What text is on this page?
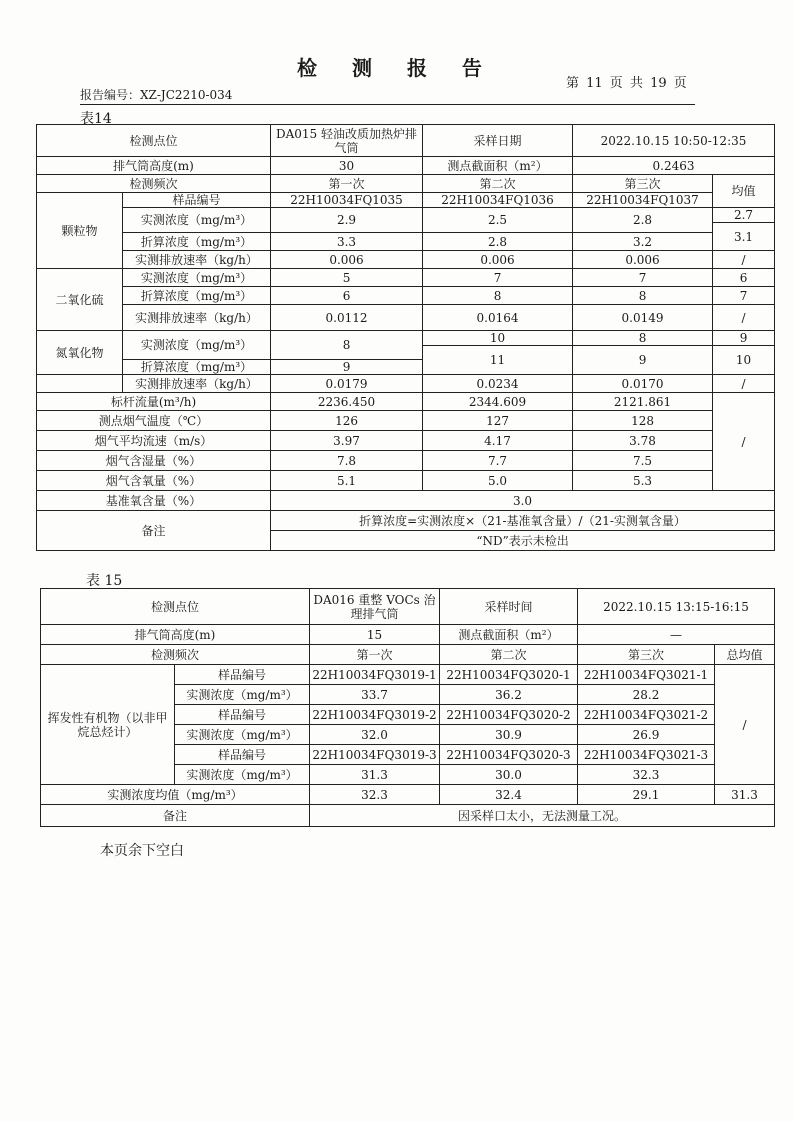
检 测 报 告
第 11 页 共 19 页
报告编号：XZ-JC2210-034
表14
检测点位		DA015 轻油改质加热炉排气筒	采样日期	2022.10.15 10:50-12:35	
排气筒高度(m)		30	测点截面积（m²）	0.2463	
检测频次		第一次	第二次	第三次	均值
颗粒物	样品编号	22H10034FQ1035	22H10034FQ1036	22H10034FQ1037	
	实测浓度（mg/m³）	2.9	2.5	2.8	2.7
					3.1
	折算浓度（mg/m³）	3.3	2.8	3.2	
	实测排放速率（kg/h）	0.006	0.006	0.006	/
二氧化硫	实测浓度（mg/m³）	5	7	7	6
	折算浓度（mg/m³）	6	8	8	7
	实测排放速率（kg/h）	0.0112	0.0164	0.0149	/
氮氧化物	实测浓度（mg/m³）	8	10	8	9
			11	9	10
	折算浓度（mg/m³）	9			
	实测排放速率（kg/h）	0.0179	0.0234	0.0170	/
标杆流量(m³/h)		2236.450	2344.609	2121.861	/
测点烟气温度（℃）		126	127	128	
烟气平均流速（m/s）		3.97	4.17	3.78	
烟气含湿量（%）		7.8	7.7	7.5	
烟气含氧量（%）		5.1	5.0	5.3	
基准氧含量（%）		3.0			
备注		折算浓度=实测浓度×（21-基准氧含量）/（21-实测氧含量）			
		“ND”表示未检出			
表 15
检测点位		DA016 重整 VOCs 治理排气筒	采样时间	2022.10.15 13:15-16:15	
排气筒高度(m)		15	测点截面积（m²）	—	
检测频次		第一次	第二次	第三次	总均值
挥发性有机物（以非甲烷总烃计）	样品编号	22H10034FQ3019-1	22H10034FQ3020-1	22H10034FQ3021-1	/
	实测浓度（mg/m³）	33.7	36.2	28.2	
	样品编号	22H10034FQ3019-2	22H10034FQ3020-2	22H10034FQ3021-2	
	实测浓度（mg/m³）	32.0	30.9	26.9	
	样品编号	22H10034FQ3019-3	22H10034FQ3020-3	22H10034FQ3021-3	
	实测浓度（mg/m³）	31.3	30.0	32.3	
实测浓度均值（mg/m³）		32.3	32.4	29.1	31.3
备注		因采样口太小，无法测量工况。			
本页余下空白
